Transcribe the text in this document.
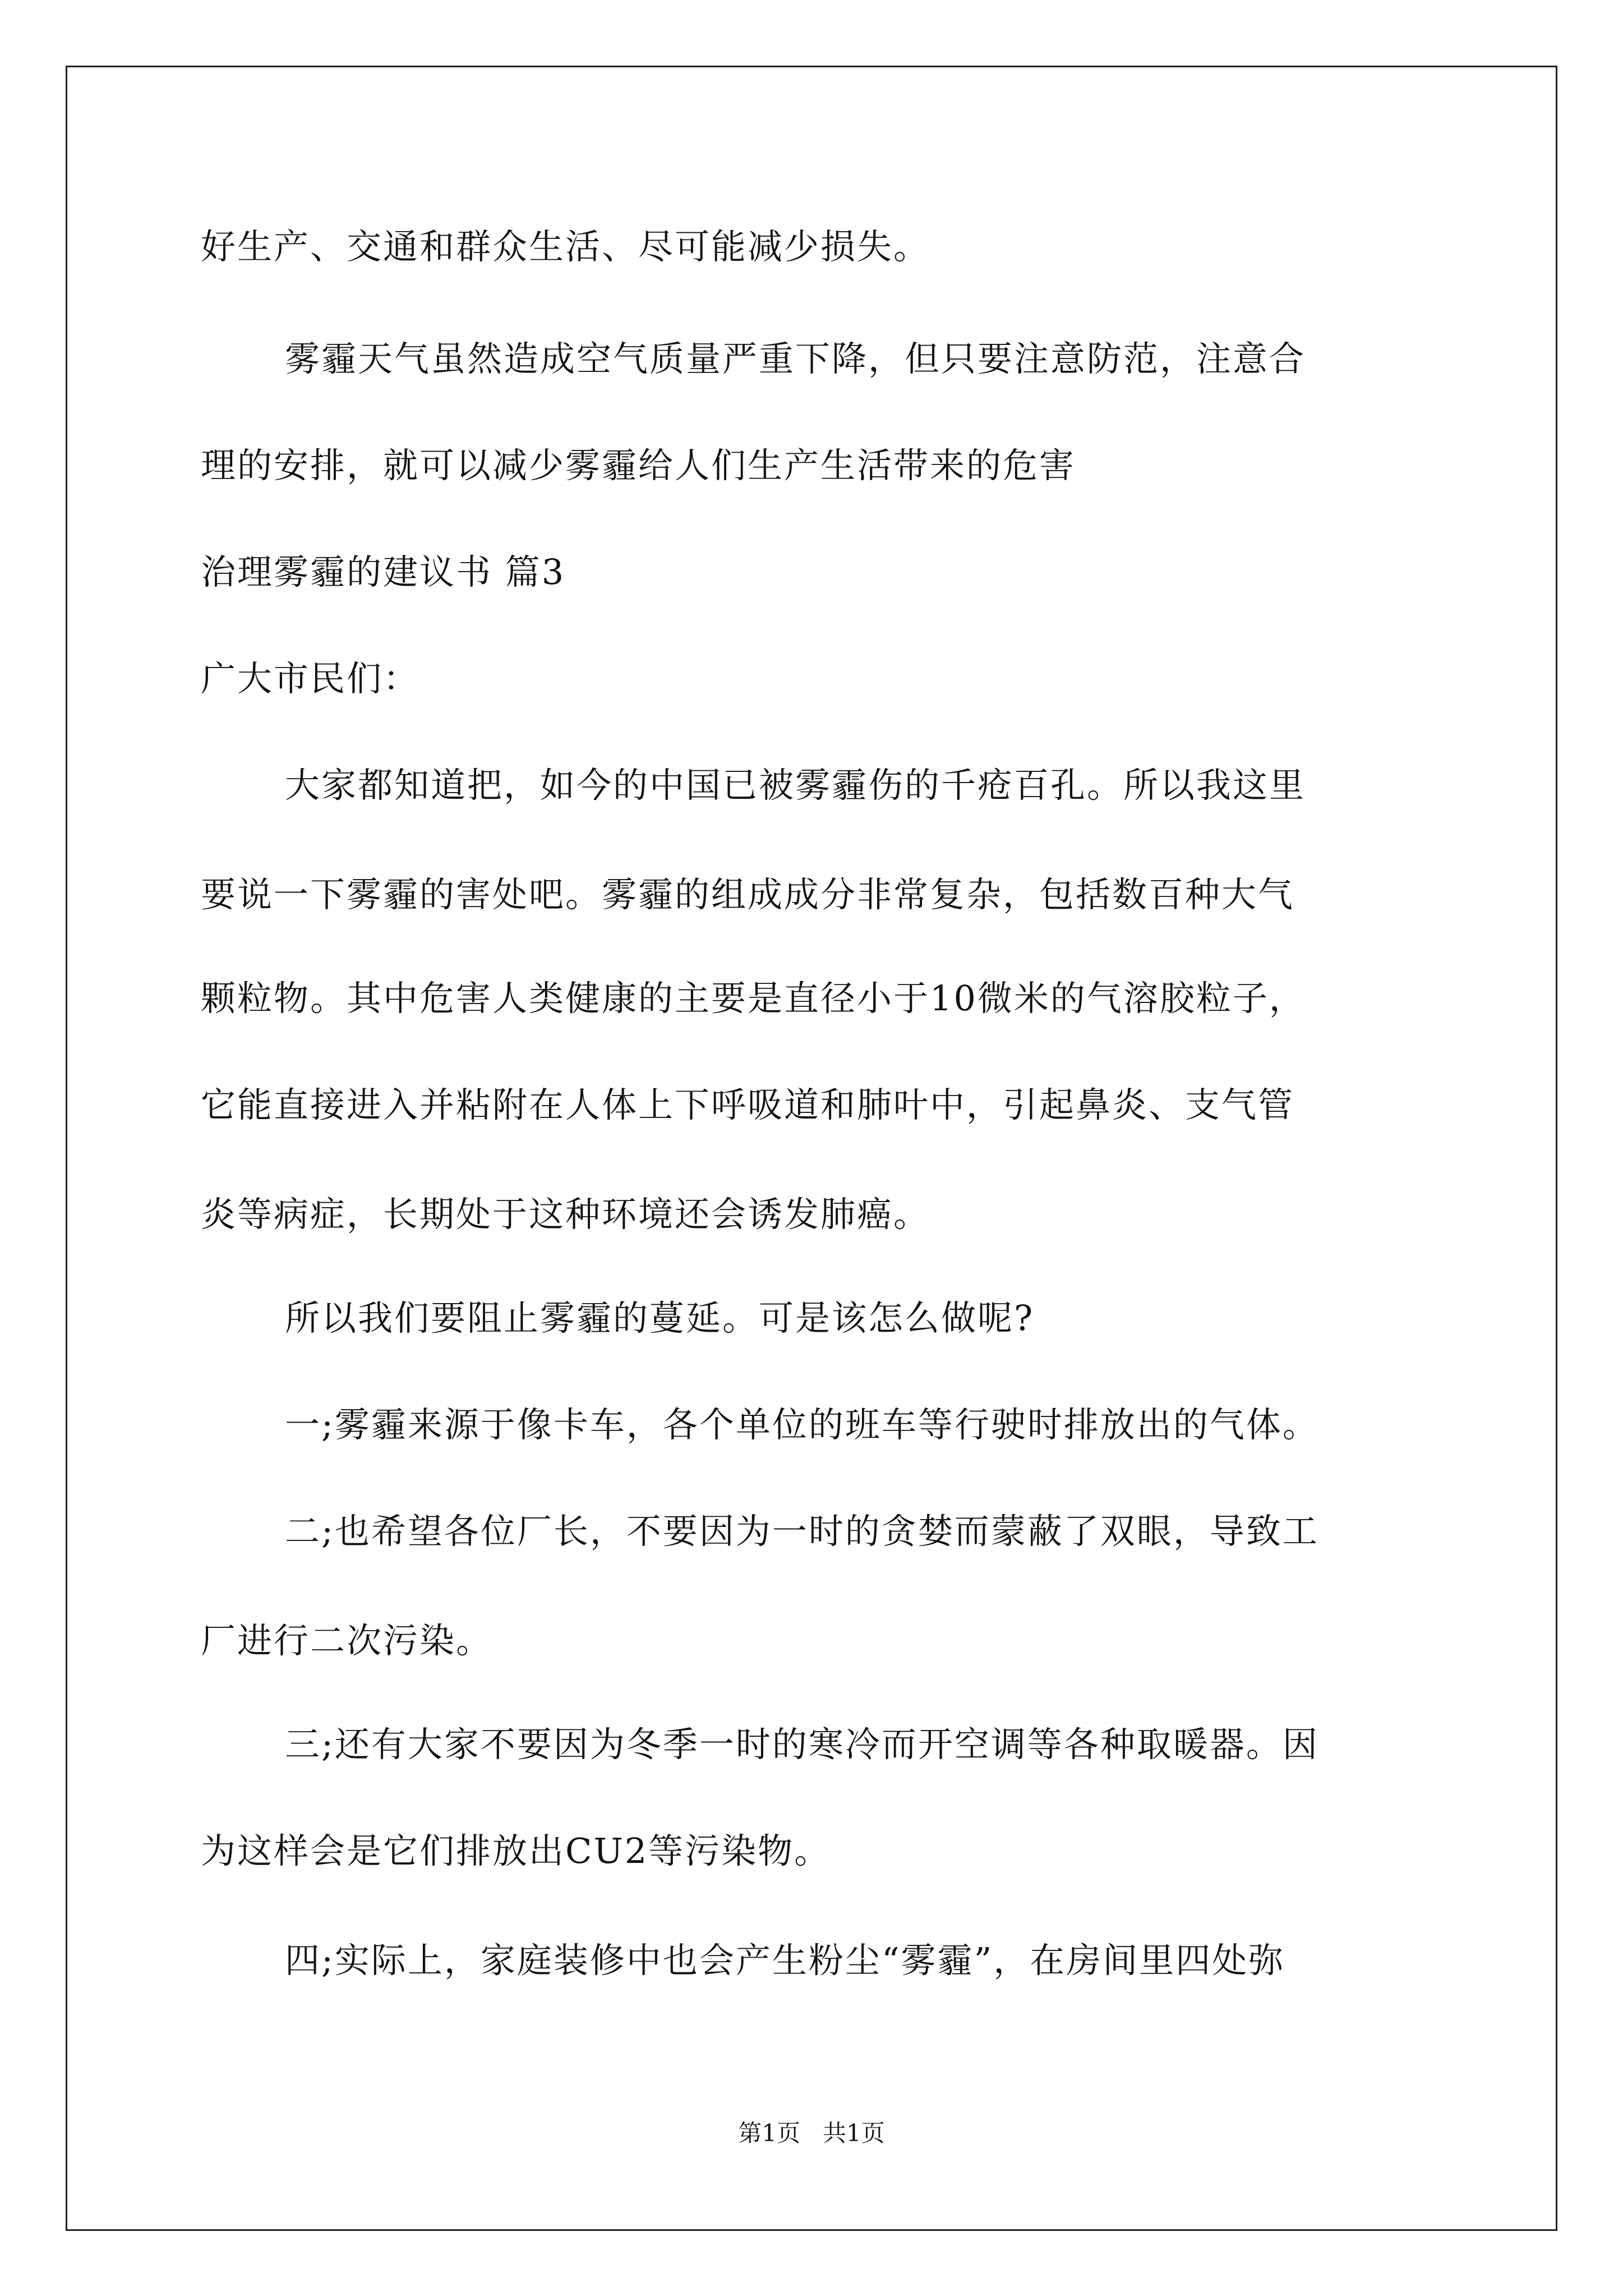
好生产、交通和群众生活、尽可能减少损失。

雾霾天气虽然造成空气质量严重下降，但只要注意防范，注意合

理的安排，就可以减少雾霾给人们生产生活带来的危害

治理雾霾的建议书 篇3

广大市民们：

大家都知道把，如今的中国已被雾霾伤的千疮百孔。所以我这里

要说一下雾霾的害处吧。雾霾的组成成分非常复杂，包括数百种大气

颗粒物。其中危害人类健康的主要是直径小于10微米的气溶胶粒子，

它能直接进入并粘附在人体上下呼吸道和肺叶中，引起鼻炎、支气管

炎等病症，长期处于这种环境还会诱发肺癌。

所以我们要阻止雾霾的蔓延。可是该怎么做呢?

一;雾霾来源于像卡车，各个单位的班车等行驶时排放出的气体。

二;也希望各位厂长，不要因为一时的贪婪而蒙蔽了双眼，导致工

厂进行二次污染。

三;还有大家不要因为冬季一时的寒冷而开空调等各种取暖器。因

为这样会是它们排放出CU2等污染物。

四;实际上，家庭装修中也会产生粉尘“雾霾”，在房间里四处弥

第1页   共1页
